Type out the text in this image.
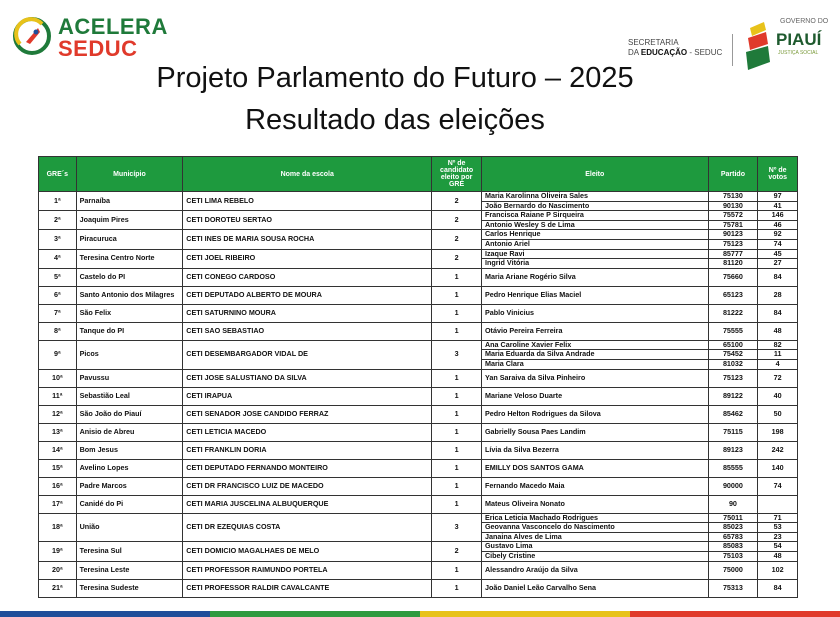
ACELERA
SEDUC	SECRETARIA
DA EDUCAÇÃO - SEDUC
GOVERNO DO
PIAUÍ
JUSTIÇA SOCIAL
Projeto Parlamento do Futuro – 2025
Resultado das eleições
GRE´s	Município	Nome da escola	Nº de candidato eleito por GRE	Eleito	Partido	Nº de votos
1ª	Parnaíba	CETI LIMA REBELO	2	Maria Karolinna Oliveira Sales	75130	97
				João Bernardo do Nascimento	90130	41
2ª	Joaquim Pires	CETI DOROTEU SERTAO	2	Francisca Raiane P Sirqueira	75572	146
				Antonio Wesley S de Lima	75781	46
3ª	Piracuruca	CETI INES DE MARIA SOUSA ROCHA	2	Carlos Henrique	90123	92
				Antonio Ariel	75123	74
4ª	Teresina Centro Norte	CETI JOEL RIBEIRO	2	Izaque Ravi	85777	45
				Ingrid Vitória	81120	27
5ª	Castelo do PI	CETI CONEGO CARDOSO	1	Maria Ariane Rogério Silva	75660	84
6ª	Santo Antonio dos Milagres	CETI DEPUTADO ALBERTO DE MOURA	1	Pedro Henrique Elias Maciel	65123	28
7ª	São Felix	CETI SATURNINO MOURA	1	Pablo Vinicius	81222	84
8ª	Tanque do PI	CETI SAO SEBASTIAO	1	Otávio Pereira Ferreira	75555	48
9ª	Picos	CETI DESEMBARGADOR VIDAL DE	3	Ana Caroline Xavier Felix	65100	82
				Maria Eduarda da Silva Andrade	75452	11
				Maria Clara	81032	4
10ª	Pavussu	CETI JOSE SALUSTIANO DA SILVA	1	Yan Saraiva da Silva Pinheiro	75123	72
11ª	Sebastião Leal	CETI IRAPUA	1	Mariane Veloso Duarte	89122	40
12ª	São João do Piauí	CETI SENADOR JOSE CANDIDO FERRAZ	1	Pedro Helton Rodrigues da Silova	85462	50
13ª	Anisio de Abreu	CETI LETICIA MACEDO	1	Gabrielly Sousa Paes Landim	75115	198
14ª	Bom Jesus	CETI FRANKLIN DORIA	1	Lívia da Silva Bezerra	89123	242
15ª	Avelino Lopes	CETI DEPUTADO FERNANDO MONTEIRO	1	EMILLY DOS SANTOS GAMA	85555	140
16ª	Padre Marcos	CETI DR FRANCISCO LUIZ DE MACEDO	1	Fernando Macedo Maia	90000	74
17ª	Canidé do Pi	CETI MARIA JUSCELINA ALBUQUERQUE	1	Mateus Oliveira Nonato	90	
18ª	União	CETI DR EZEQUIAS COSTA	3	Erica Leticia Machado Rodrigues	75011	71
				Geovanna Vasconcelo do Nascimento	85023	53
				Janaina Alves de Lima	65783	23
19ª	Teresina Sul	CETI DOMICIO MAGALHAES DE MELO	2	Gustavo Lima	85083	54
				Cibely Cristine	75103	48
20ª	Teresina Leste	CETI PROFESSOR RAIMUNDO PORTELA	1	Alessandro Araújo da Silva	75000	102
21ª	Teresina Sudeste	CETI PROFESSOR RALDIR CAVALCANTE	1	João Daniel Leão Carvalho Sena	75313	84
